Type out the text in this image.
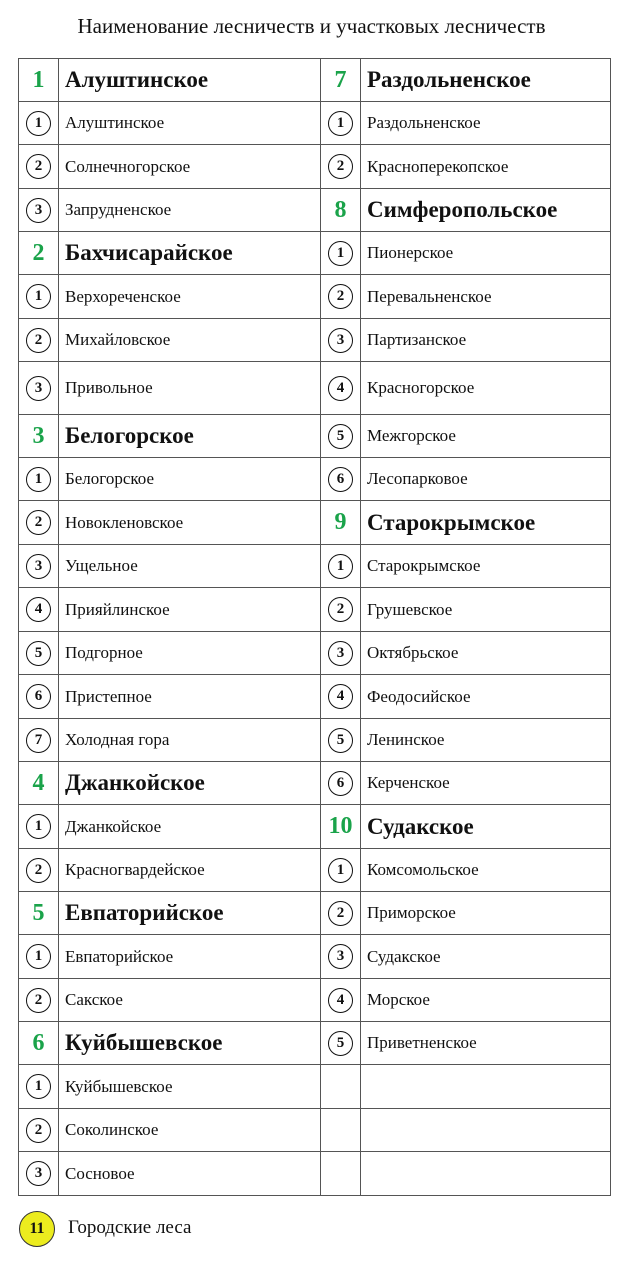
Наименование лесничеств и участковых лесничеств
1	Алуштинское	7	Раздольненское
1	Алуштинское	1	Раздольненское
2	Солнечногорское	2	Красноперекопское
3	Запрудненское	8	Симферопольское
2	Бахчисарайское	1	Пионерское
1	Верхореченское	2	Перевальненское
2	Михайловское	3	Партизанское
3	Привольное	4	Красногорское
3	Белогорское	5	Межгорское
1	Белогорское	6	Лесопарковое
2	Новокленовское	9	Старокрымское
3	Ущельное	1	Старокрымское
4	Прияйлинское	2	Грушевское
5	Подгорное	3	Октябрьское
6	Пристепное	4	Феодосийское
7	Холодная гора	5	Ленинское
4	Джанкойское	6	Керченское
1	Джанкойское	10	Судакское
2	Красногвардейское	1	Комсомольское
5	Евпаторийское	2	Приморское
1	Евпаторийское	3	Судакское
2	Сакское	4	Морское
6	Куйбышевское	5	Приветненское
1	Куйбышевское		
2	Соколинское		
3	Сосновое		
11	Городские леса
